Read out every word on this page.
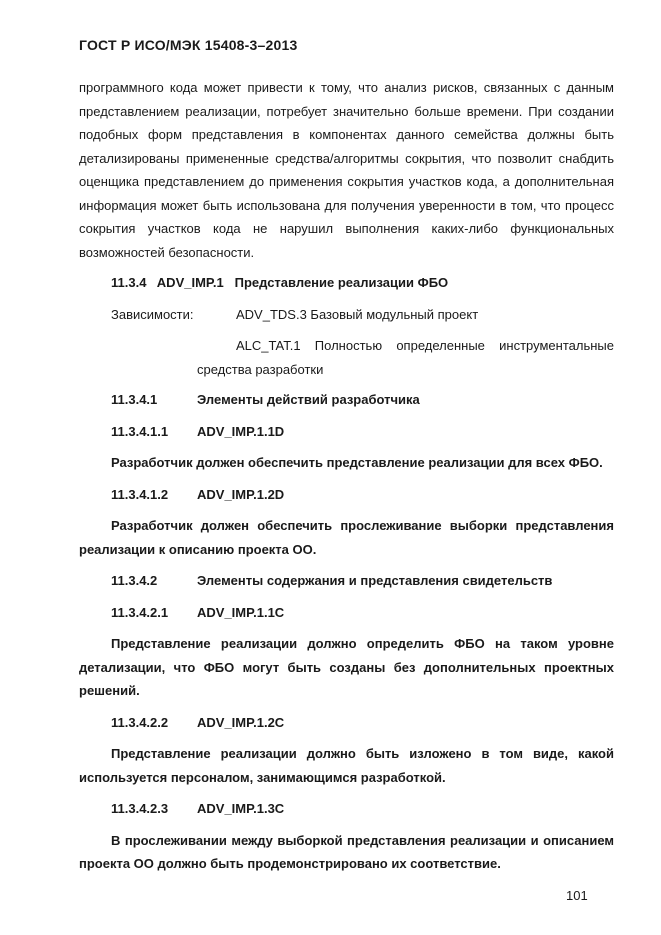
ГОСТ Р ИСО/МЭК 15408-3–2013

программного кода может привести к тому, что анализ рисков, связанных с данным представлением реализации, потребует значительно больше времени. При создании подобных форм представления в компонентах данного семейства должны быть детализированы примененные средства/алгоритмы сокрытия, что позволит снабдить оценщика представлением до применения сокрытия участков кода, а дополнительная информация может быть использована для получения уверенности в том, что процесс сокрытия участков кода не нарушил выполнения каких-либо функциональных возможностей безопасности.

11.3.4 ADV_IMP.1 Представление реализации ФБО
Зависимости:	ADV_TDS.3 Базовый модульный проект

ALC_TAT.1 Полностью определенные инструментальные

средства разработки

11.3.4.1	Элементы действий разработчика
11.3.4.1.1 ADV_IMP.1.1D

Разработчик должен обеспечить представление реализации для всех ФБО.

11.3.4.1.2 ADV_IMP.1.2D

Разработчик должен обеспечить прослеживание выборки представления реализации к описанию проекта ОО.

11.3.4.2	Элементы содержания и представления свидетельств
11.3.4.2.1 ADV_IMP.1.1C

Представление реализации должно определить ФБО на таком уровне детализации, что ФБО могут быть созданы без дополнительных проектных решений.

11.3.4.2.2 ADV_IMP.1.2C

Представление реализации должно быть изложено в том виде, какой используется персоналом, занимающимся разработкой.

11.3.4.2.3 ADV_IMP.1.3C

В прослеживании между выборкой представления реализации и описанием проекта ОО должно быть продемонстрировано их соответствие.

101
